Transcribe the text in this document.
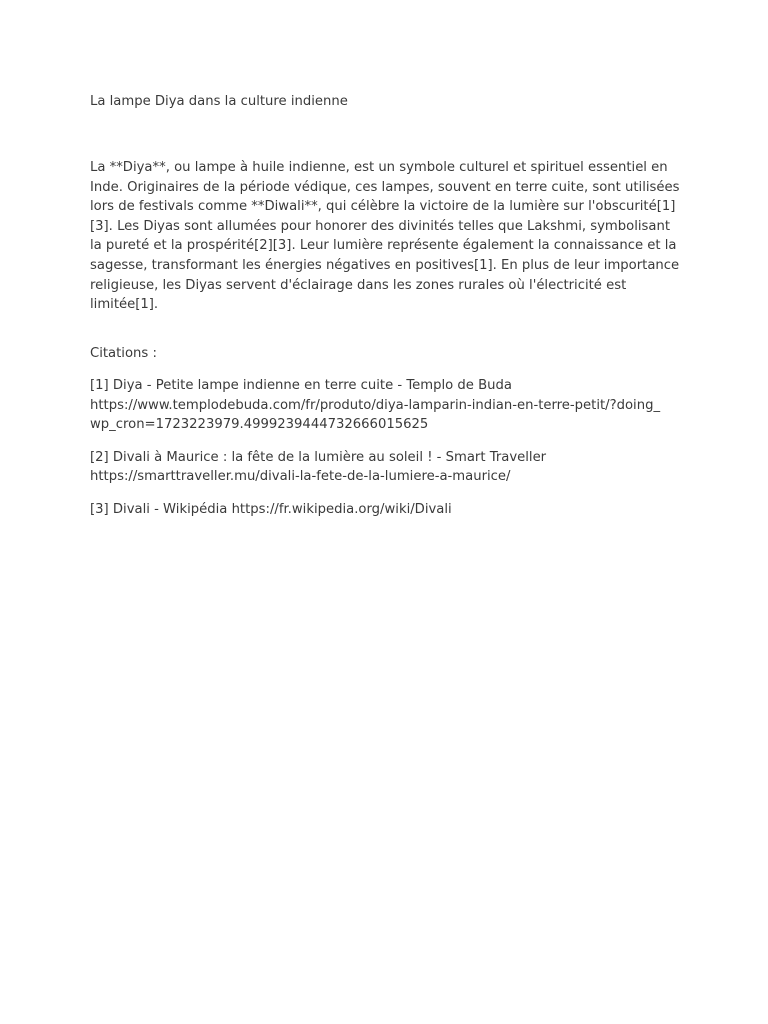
La lampe Diya dans la culture indienne

La **Diya**, ou lampe à huile indienne, est un symbole culturel et spirituel essentiel en Inde. Originaires de la période védique, ces lampes, souvent en terre cuite, sont utilisées lors de festivals comme **Diwali**, qui célèbre la victoire de la lumière sur l'obscurité[1][3]. Les Diyas sont allumées pour honorer des divinités telles que Lakshmi, symbolisant la pureté et la prospérité[2][3]. Leur lumière représente également la connaissance et la sagesse, transformant les énergies négatives en positives[1]. En plus de leur importance religieuse, les Diyas servent d'éclairage dans les zones rurales où l'électricité est limitée[1].

Citations :

[1] Diya - Petite lampe indienne en terre cuite - Templo de Buda
https://www.templodebuda.com/fr/produto/diya-lamparin-indian-en-terre-petit/?doing_wp_cron=1723223979.4999239444732666015625
[2] Divali à Maurice : la fête de la lumière au soleil ! - Smart Traveller
https://smarttraveller.mu/divali-la-fete-de-la-lumiere-a-maurice/
[3] Divali - Wikipédia https://fr.wikipedia.org/wiki/Divali
